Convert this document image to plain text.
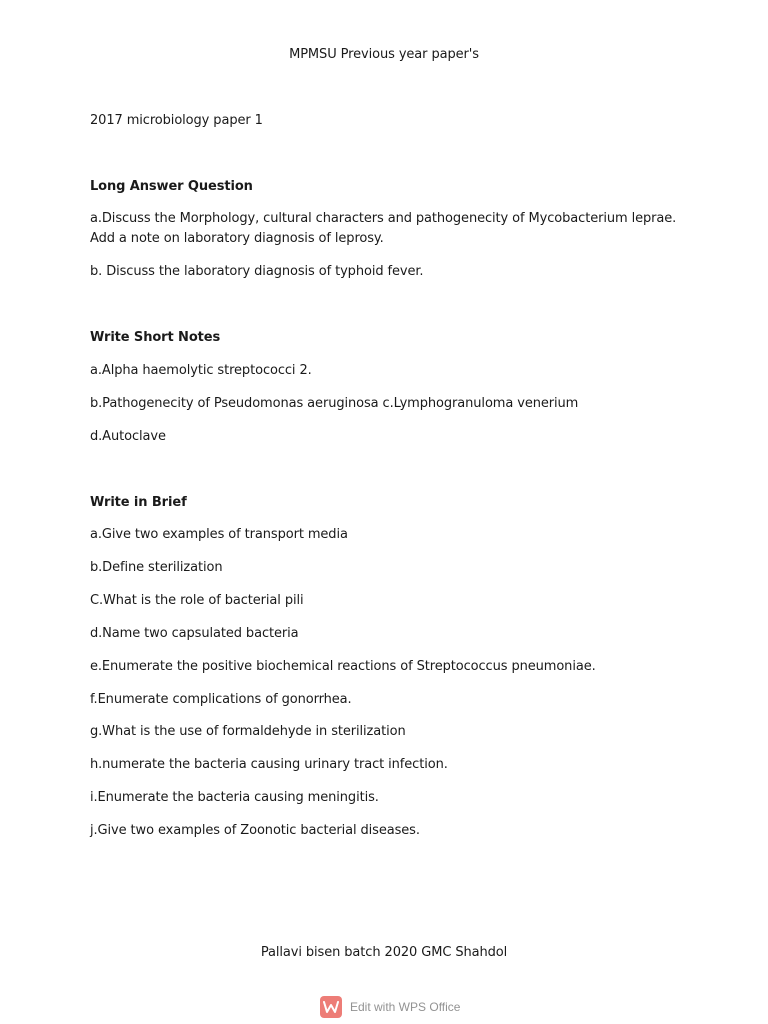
MPMSU Previous year paper's
2017 microbiology paper 1
Long Answer Question
a.Discuss the Morphology, cultural characters and pathogenecity of Mycobacterium leprae. Add a note on laboratory diagnosis of leprosy.
b. Discuss the laboratory diagnosis of typhoid fever.
Write Short Notes
a.Alpha haemolytic streptococci 2.
b.Pathogenecity of Pseudomonas aeruginosa c.Lymphogranuloma venerium
d.Autoclave
Write in Brief
a.Give two examples of transport media
b.Define sterilization
C.What is the role of bacterial pili
d.Name two capsulated bacteria
e.Enumerate the positive biochemical reactions of Streptococcus pneumoniae.
f.Enumerate complications of gonorrhea.
g.What is the use of formaldehyde in sterilization
h.numerate the bacteria causing urinary tract infection.
i.Enumerate the bacteria causing meningitis.
j.Give two examples of Zoonotic bacterial diseases.
Pallavi bisen batch 2020 GMC Shahdol
Edit with WPS Office
